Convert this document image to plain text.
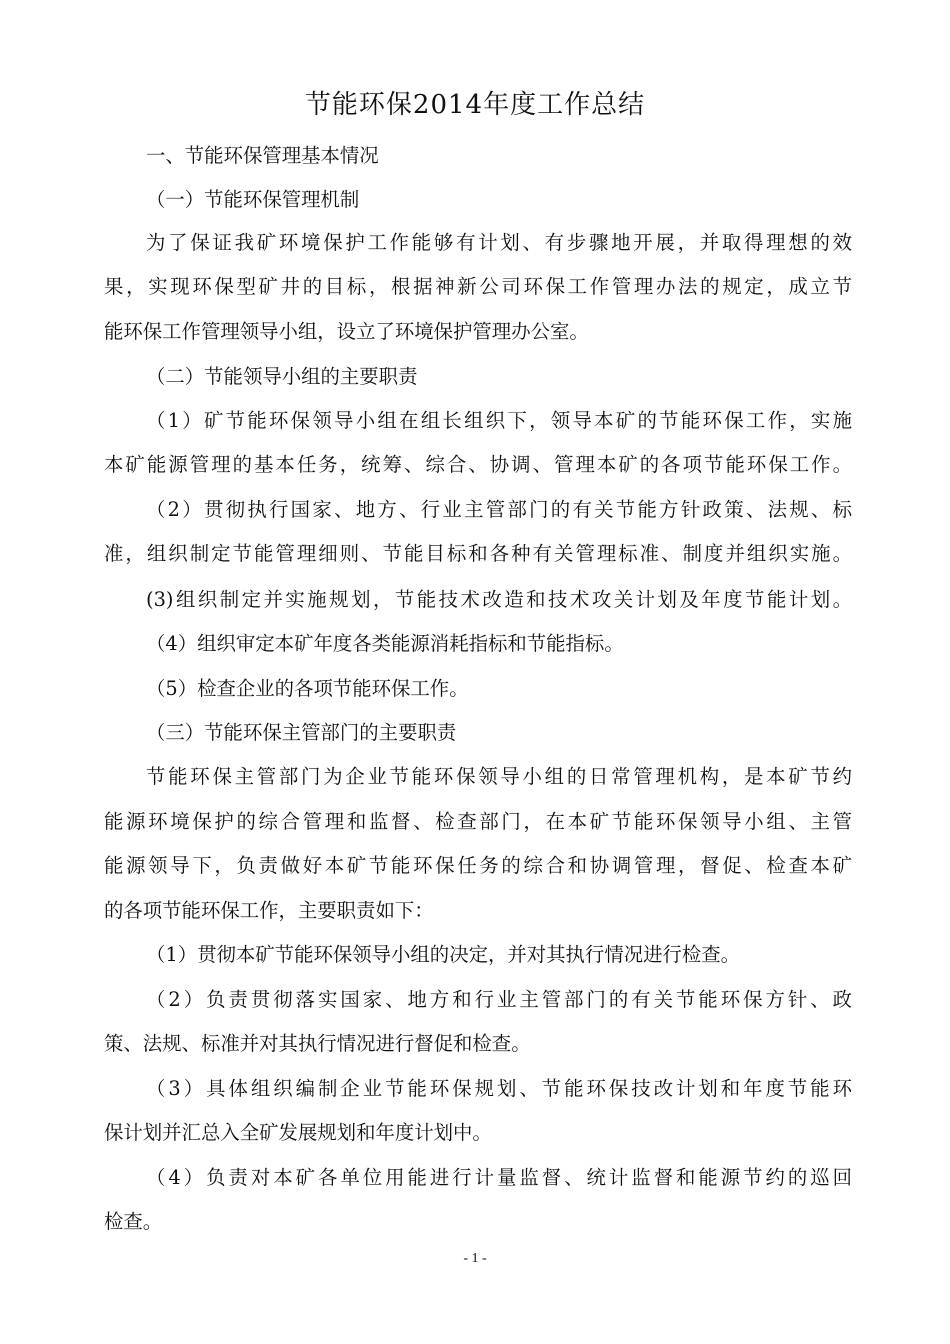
节能环保2014年度工作总结
一、节能环保管理基本情况
（一）节能环保管理机制
为了保证我矿环境保护工作能够有计划、有步骤地开展，并取得理想的效
果，实现环保型矿井的目标，根据神新公司环保工作管理办法的规定，成立节
能环保工作管理领导小组，设立了环境保护管理办公室。
（二）节能领导小组的主要职责
（1）矿节能环保领导小组在组长组织下，领导本矿的节能环保工作，实施
本矿能源管理的基本任务，统筹、综合、协调、管理本矿的各项节能环保工作。
（2）贯彻执行国家、地方、行业主管部门的有关节能方针政策、法规、标
准，组织制定节能管理细则、节能目标和各种有关管理标准、制度并组织实施。
(3)组织制定并实施规划，节能技术改造和技术攻关计划及年度节能计划。
（4）组织审定本矿年度各类能源消耗指标和节能指标。
（5）检查企业的各项节能环保工作。
（三）节能环保主管部门的主要职责
节能环保主管部门为企业节能环保领导小组的日常管理机构，是本矿节约
能源环境保护的综合管理和监督、检查部门，在本矿节能环保领导小组、主管
能源领导下，负责做好本矿节能环保任务的综合和协调管理，督促、检查本矿
的各项节能环保工作，主要职责如下：
（1）贯彻本矿节能环保领导小组的决定，并对其执行情况进行检查。
（2）负责贯彻落实国家、地方和行业主管部门的有关节能环保方针、政
策、法规、标准并对其执行情况进行督促和检查。
（3）具体组织编制企业节能环保规划、节能环保技改计划和年度节能环
保计划并汇总入全矿发展规划和年度计划中。
（4）负责对本矿各单位用能进行计量监督、统计监督和能源节约的巡回
检查。
- 1 -
